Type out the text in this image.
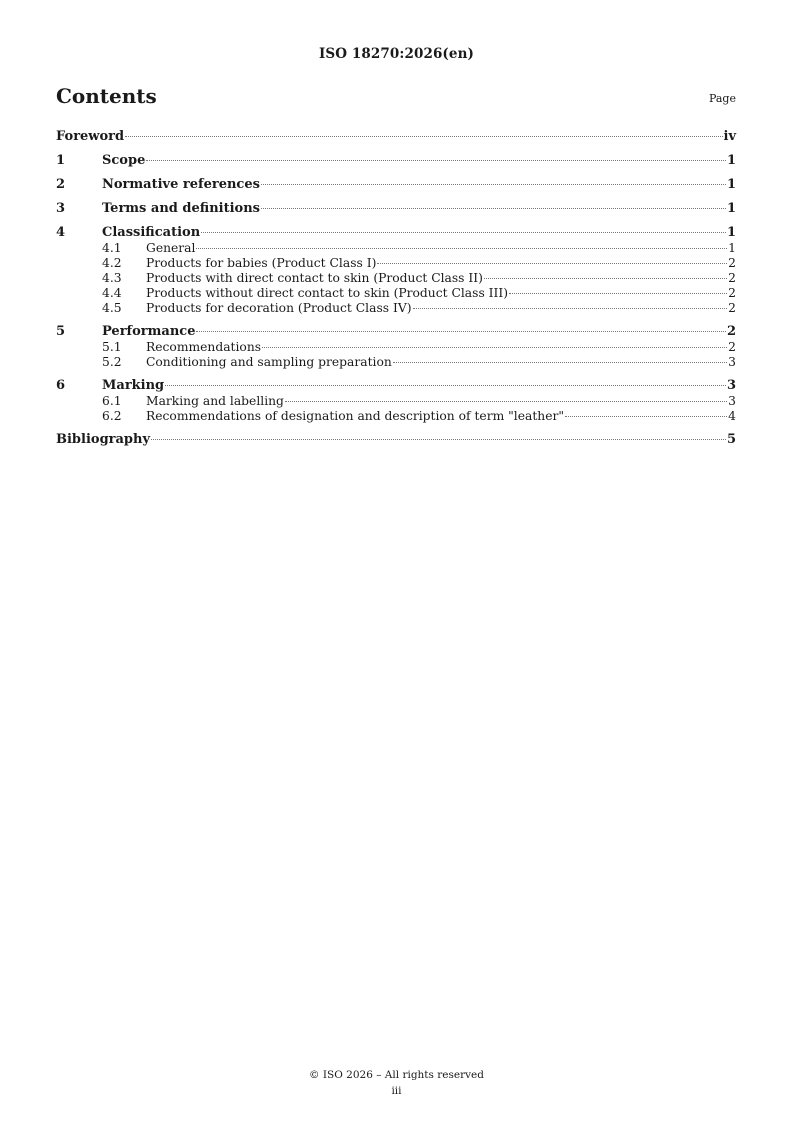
ISO 18270:2026(en)
Contents	Page
Foreword	iv
1	Scope	1
2	Normative references	1
3	Terms and definitions	1
4	Classification	1
4.1	General	1
4.2	Products for babies (Product Class I)	2
4.3	Products with direct contact to skin (Product Class II)	2
4.4	Products without direct contact to skin (Product Class III)	2
4.5	Products for decoration (Product Class IV)	2
5	Performance	2
5.1	Recommendations	2
5.2	Conditioning and sampling preparation	3
6	Marking	3
6.1	Marking and labelling	3
6.2	Recommendations of designation and description of term "leather"	4
Bibliography	5
© ISO 2026 – All rights reserved
iii
